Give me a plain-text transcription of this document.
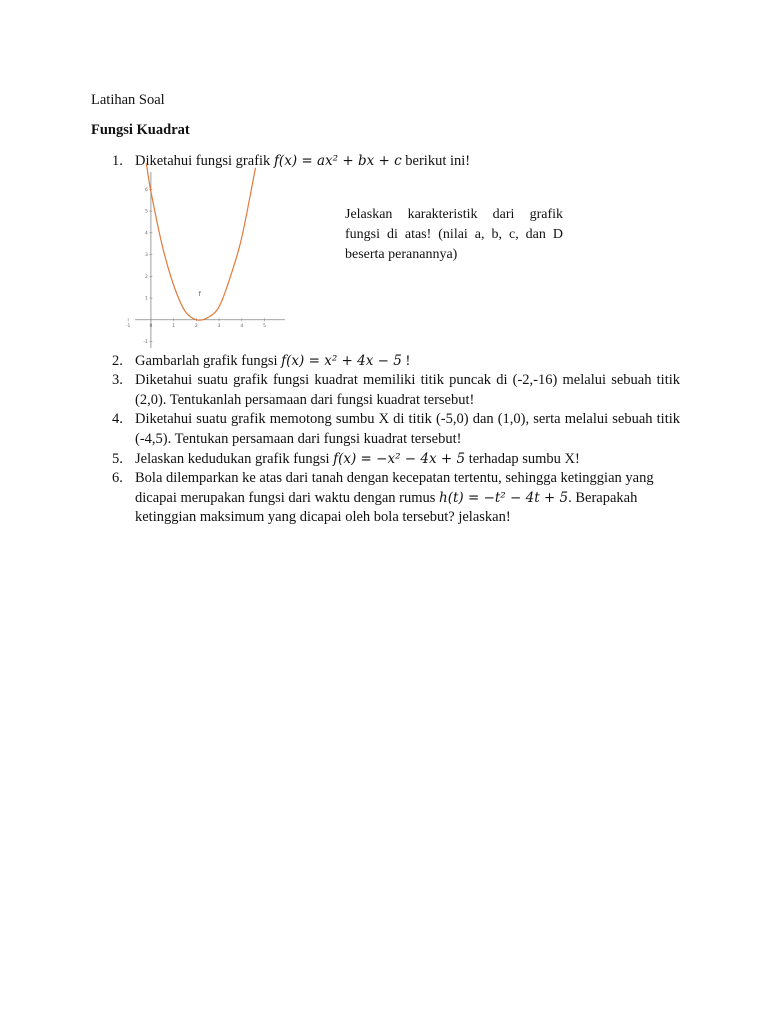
Latihan Soal
Fungsi Kuadrat
1. Diketahui fungsi grafik f(x) = ax² + bx + c berikut ini!
-1	0	1	2	3	4	5
-1
1
2
3
4
5
6
f
Jelaskan karakteristik dari grafik fungsi di atas! (nilai a, b, c, dan D beserta peranannya)
2. Gambarlah grafik fungsi f(x) = x² + 4x − 5 !
3. Diketahui suatu grafik fungsi kuadrat memiliki titik puncak di (-2,-16) melalui sebuah titik (2,0). Tentukanlah persamaan dari fungsi kuadrat tersebut!
4. Diketahui suatu grafik memotong sumbu X di titik (-5,0) dan (1,0), serta melalui sebuah titik (-4,5). Tentukan persamaan dari fungsi kuadrat tersebut!
5. Jelaskan kedudukan grafik fungsi f(x) = −x² − 4x + 5 terhadap sumbu X!
6. Bola dilemparkan ke atas dari tanah dengan kecepatan tertentu, sehingga ketinggian yang dicapai merupakan fungsi dari waktu dengan rumus h(t) = −t² − 4t + 5. Berapakah ketinggian maksimum yang dicapai oleh bola tersebut? jelaskan!
